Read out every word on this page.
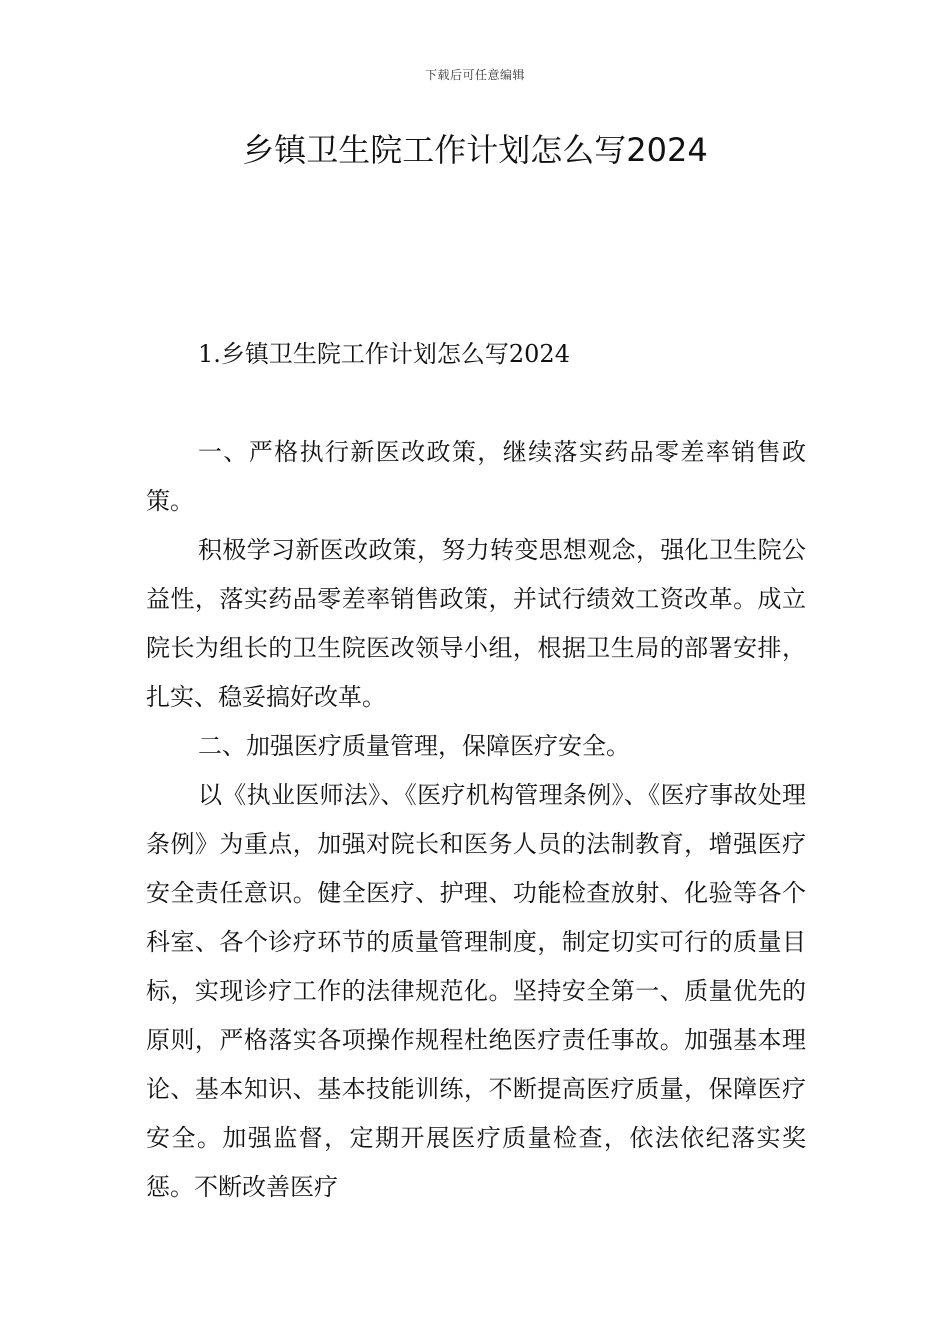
下载后可任意编辑
乡镇卫生院工作计划怎么写2024

1.乡镇卫生院工作计划怎么写2024

一、严格执行新医改政策，继续落实药品零差率销售政策。

积极学习新医改政策，努力转变思想观念，强化卫生院公益性，落实药品零差率销售政策，并试行绩效工资改革。成立院长为组长的卫生院医改领导小组，根据卫生局的部署安排，扎实、稳妥搞好改革。

二、加强医疗质量管理，保障医疗安全。

以《执业医师法》、《医疗机构管理条例》、《医疗事故处理条例》为重点，加强对院长和医务人员的法制教育，增强医疗安全责任意识。健全医疗、护理、功能检查放射、化验等各个科室、各个诊疗环节的质量管理制度，制定切实可行的质量目标，实现诊疗工作的法律规范化。坚持安全第一、质量优先的原则，严格落实各项操作规程杜绝医疗责任事故。加强基本理论、基本知识、基本技能训练，不断提高医疗质量，保障医疗安全。加强监督，定期开展医疗质量检查，依法依纪落实奖惩。不断改善医疗
